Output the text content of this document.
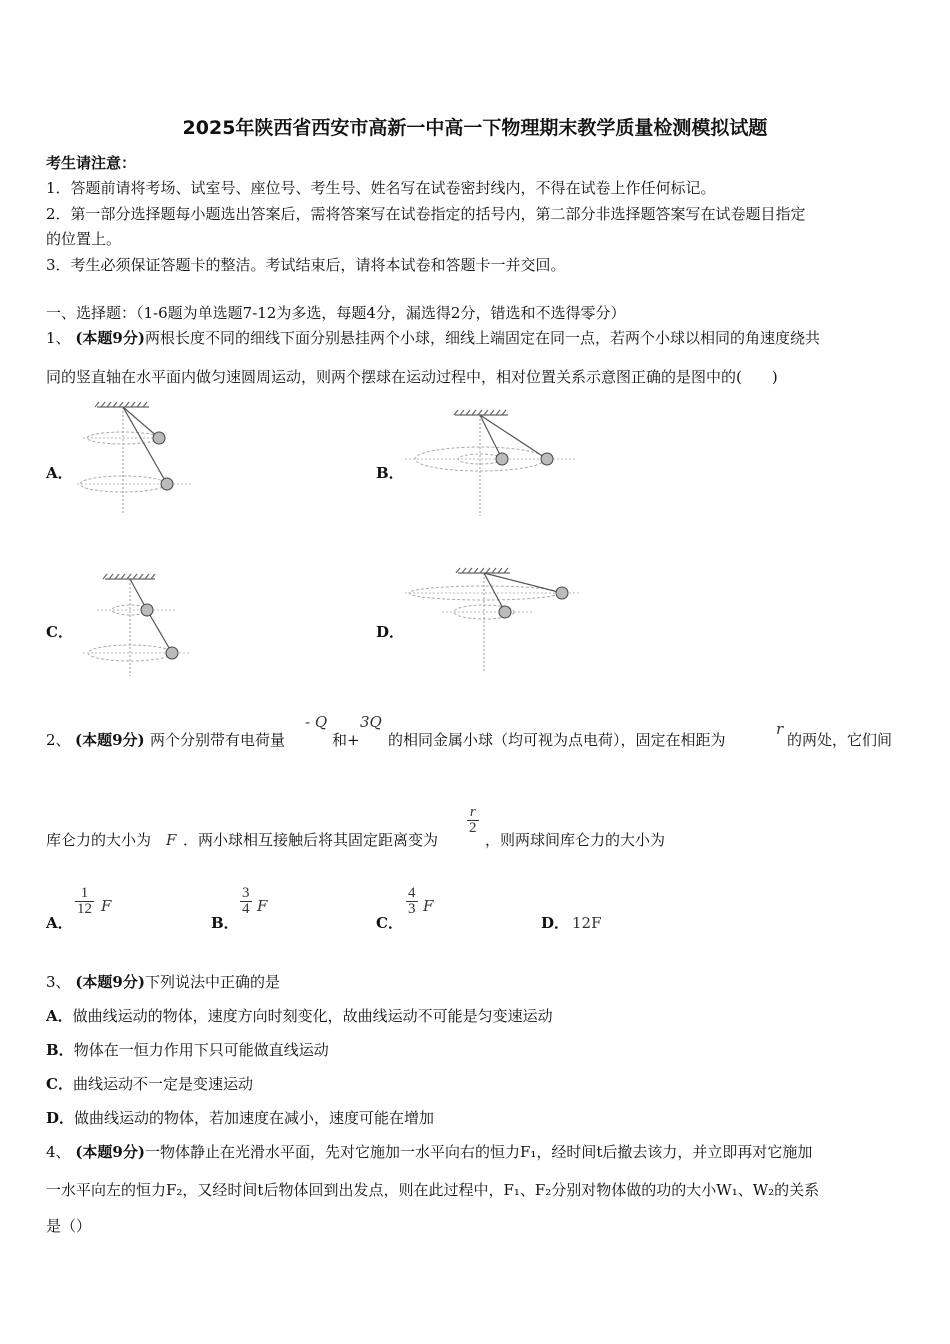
2025年陕西省西安市高新一中高一下物理期末教学质量检测模拟试题
考生请注意：
1．答题前请将考场、试室号、座位号、考生号、姓名写在试卷密封线内，不得在试卷上作任何标记。
2．第一部分选择题每小题选出答案后，需将答案写在试卷指定的括号内，第二部分非选择题答案写在试卷题目指定
的位置上。
3．考生必须保证答题卡的整洁。考试结束后，请将本试卷和答题卡一并交回。
一、选择题：（1-6题为单选题7-12为多选，每题4分，漏选得2分，错选和不选得零分）
1、 (本题9分)两根长度不同的细线下面分别悬挂两个小球，细线上端固定在同一点，若两个小球以相同的角速度绕共
同的竖直轴在水平面内做匀速圆周运动，则两个摆球在运动过程中，相对位置关系示意图正确的是图中的(　　)
A．	B．
C．	D．
2、 (本题9分) 两个分别带有电荷量
- Q
和+
3Q
的相同金属小球（均可视为点电荷），固定在相距为
r
的两处，它们间
库仑力的大小为 F ．两小球相互接触后将其固定距离变为
$\frac{r}{2}$
，则两球间库仑力的大小为
A．
$\frac{1}{12}$ F
B．
$\frac{3}{4}$ F
C．
$\frac{4}{3}$ F
D． 12F
3、 (本题9分)下列说法中正确的是
A．做曲线运动的物体，速度方向时刻变化，故曲线运动不可能是匀变速运动
B．物体在一恒力作用下只可能做直线运动
C．曲线运动不一定是变速运动
D．做曲线运动的物体，若加速度在减小，速度可能在增加
4、 (本题9分)一物体静止在光滑水平面，先对它施加一水平向右的恒力F₁，经时间t后撤去该力，并立即再对它施加
一水平向左的恒力F₂，又经时间t后物体回到出发点，则在此过程中，F₁、F₂分别对物体做的功的大小W₁、W₂的关系
是（）
